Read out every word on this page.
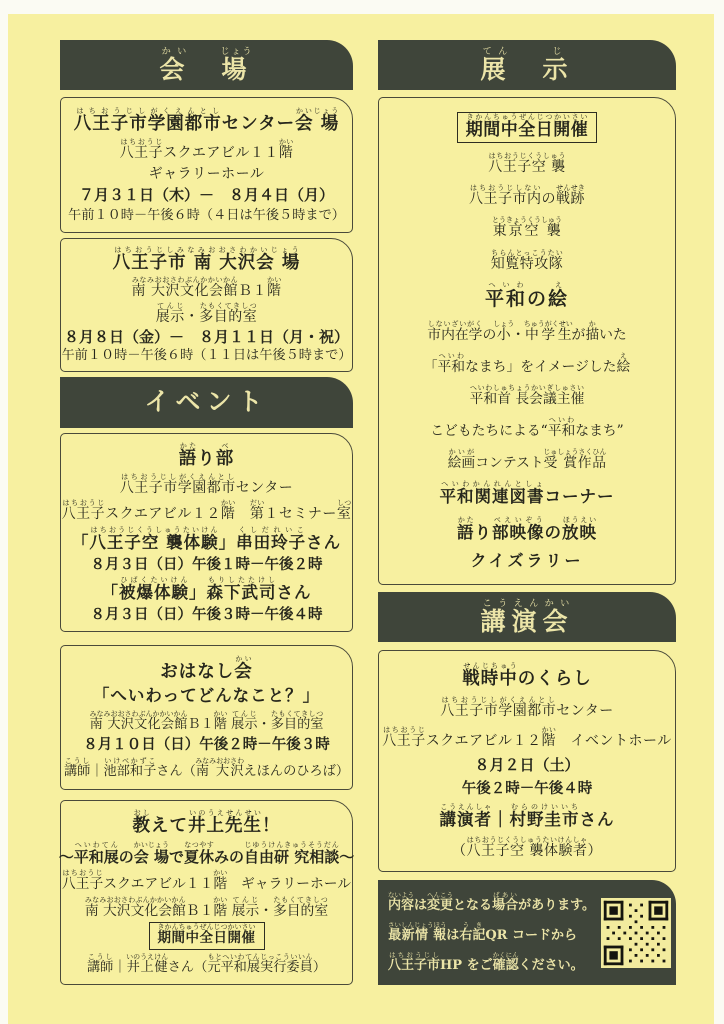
会かい　場じょう
八王子市学園都市はちおうじしがくえんとしセンター会 場かいじょう
八王子はちおうじスクエアビル１１階かい
ギャラリーホール
７月３１日（木）－　８月４日（月）
午前１０時－午後６時（４日は午後５時まで）
八王子市 南 大沢会 場はちおうじしみなみおおさわかいじょう
南 大沢文化会館みなみおおさわぶんかかいかんＢ１階かい
展示てんじ・多目的室たもくてきしつ
８月８日（金）－　８月１１日（月・祝）
午前１０時－午後６時（１１日は午後５時まで）
イベント
語かたり部べ
八王子市学園都市はちおうじしがくえんとしセンター
八王子はちおうじスクエアビル１２階かい　第だい１セミナー室しつ
「八王子空 襲体験はちおうじくうしゅうたいけん」串田玲子くしだれいこさん
８月３日（日）午後１時－午後２時
「被爆体験ひばくたいけん」森下武司もりしたたけしさん
８月３日（日）午後３時－午後４時
おはなし会かい
「へいわってどんなこと？」
南 大沢文化会館みなみおおさわぶんかかいかんＢ１階かい 展示てんじ・多目的室たもくてきしつ
８月１０日（日）午後２時－午後３時
講師こうし｜池部和子いけべかずこさん（南 大沢みなみおおさわえほんのひろば）
教おしえて井上先生いのうえせんせい！
～平和展へいわてんの会 場かいじょうで夏休なつやすみの自由研 究相談じゆうけんきゅうそうだん～
八王子はちおうじスクエアビル１１階かい　ギャラリーホール
南 大沢文化会館みなみおおさわぶんかかいかんＢ１階かい 展示てんじ・多目的室たもくてきしつ
期間中全日開催きかんちゅうぜんじつかいさい
講師こうし｜井上健いのうえけんさん（元平和展実行委員もとへいわてんじっこういいん）
展てん　示じ
期間中全日開催きかんちゅうぜんじつかいさい
八王子空 襲はちおうじくうしゅう
八王子市内はちおうじしないの戦跡せんせき
東京空 襲とうきょうくうしゅう
知覧特攻隊ちらんとっこうたい
平和へいわの絵え
市内在学しないざいがくの小しょう・中学生ちゅうがくせいが描かいた
「平和へいわなまち」をイメージした絵え
平和首 長会議主催へいわしゅちょうかいぎしゅさい
こどもたちによる“平和へいわなまち”
絵画かいがコンテスト受 賞作品じゅしょうさくひん
平和関連図書へいわかんれんとしょコーナー
語かたり部映像べえいぞうの放映ほうえい
クイズラリー
講演会こうえんかい
戦時中せんじちゅうのくらし
八王子市学園都市はちおうじしがくえんとしセンター
八王子はちおうじスクエアビル１２階かい　イベントホール
８月２日（土）
午後２時－午後４時
講演者こうえんしゃ｜村野圭市むらのけいいちさん
（八王子空 襲体験者はちおうじくうしゅうたいけんしゃ）
内容ないようは変更へんこうとなる場合ばあいがあります。
最新情 報さいしんじょうほうは右記うきQR コードから
八王子市はちおうじしHP をご確認かくにんください。
